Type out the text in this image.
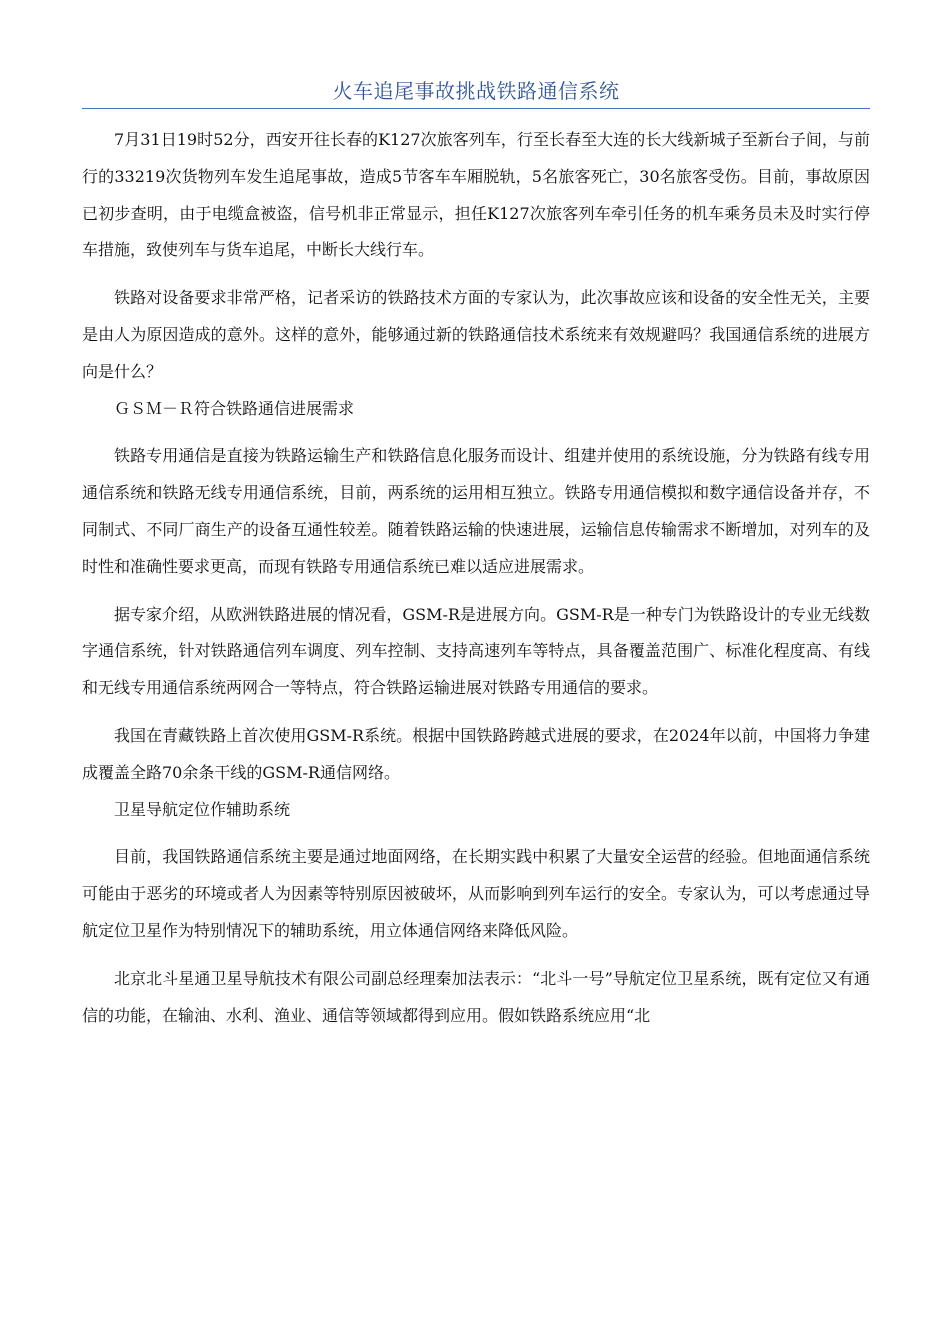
火车追尾事故挑战铁路通信系统

7月31日19时52分，西安开往长春的K127次旅客列车，行至长春至大连的长大线新城子至新台子间，与前行的33219次货物列车发生追尾事故，造成5节客车车厢脱轨，5名旅客死亡，30名旅客受伤。目前，事故原因已初步查明，由于电缆盒被盗，信号机非正常显示，担任K127次旅客列车牵引任务的机车乘务员未及时实行停车措施，致使列车与货车追尾，中断长大线行车。

铁路对设备要求非常严格，记者采访的铁路技术方面的专家认为，此次事故应该和设备的安全性无关，主要是由人为原因造成的意外。这样的意外，能够通过新的铁路通信技术系统来有效规避吗？我国通信系统的进展方向是什么？

ＧＳＭ－Ｒ符合铁路通信进展需求

铁路专用通信是直接为铁路运输生产和铁路信息化服务而设计、组建并使用的系统设施，分为铁路有线专用通信系统和铁路无线专用通信系统，目前，两系统的运用相互独立。铁路专用通信模拟和数字通信设备并存，不同制式、不同厂商生产的设备互通性较差。随着铁路运输的快速进展，运输信息传输需求不断增加，对列车的及时性和准确性要求更高，而现有铁路专用通信系统已难以适应进展需求。

据专家介绍，从欧洲铁路进展的情况看，GSM-R是进展方向。GSM-R是一种专门为铁路设计的专业无线数字通信系统，针对铁路通信列车调度、列车控制、支持高速列车等特点，具备覆盖范围广、标准化程度高、有线和无线专用通信系统两网合一等特点，符合铁路运输进展对铁路专用通信的要求。

我国在青藏铁路上首次使用GSM-R系统。根据中国铁路跨越式进展的要求，在2024年以前，中国将力争建成覆盖全路70余条干线的GSM-R通信网络。

卫星导航定位作辅助系统

目前，我国铁路通信系统主要是通过地面网络，在长期实践中积累了大量安全运营的经验。但地面通信系统可能由于恶劣的环境或者人为因素等特别原因被破坏，从而影响到列车运行的安全。专家认为，可以考虑通过导航定位卫星作为特别情况下的辅助系统，用立体通信网络来降低风险。

北京北斗星通卫星导航技术有限公司副总经理秦加法表示：“北斗一号”导航定位卫星系统，既有定位又有通信的功能，在输油、水利、渔业、通信等领域都得到应用。假如铁路系统应用“北
